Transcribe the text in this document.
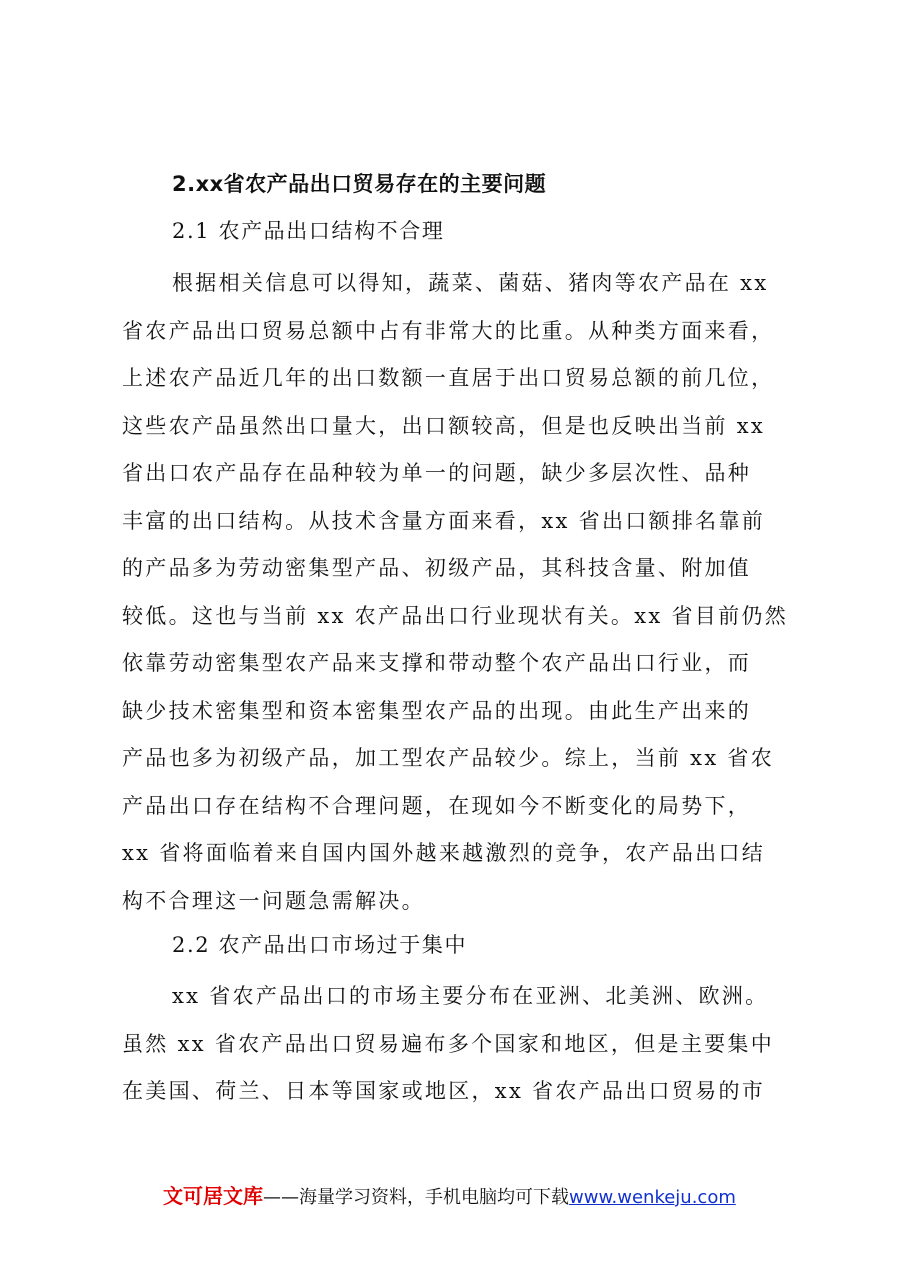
2.xx省农产品出口贸易存在的主要问题
2.1 农产品出口结构不合理
根据相关信息可以得知，蔬菜、菌菇、猪肉等农产品在 xx
省农产品出口贸易总额中占有非常大的比重。从种类方面来看，
上述农产品近几年的出口数额一直居于出口贸易总额的前几位，
这些农产品虽然出口量大，出口额较高，但是也反映出当前 xx
省出口农产品存在品种较为单一的问题，缺少多层次性、品种
丰富的出口结构。从技术含量方面来看，xx 省出口额排名靠前
的产品多为劳动密集型产品、初级产品，其科技含量、附加值
较低。这也与当前 xx 农产品出口行业现状有关。xx 省目前仍然
依靠劳动密集型农产品来支撑和带动整个农产品出口行业，而
缺少技术密集型和资本密集型农产品的出现。由此生产出来的
产品也多为初级产品，加工型农产品较少。综上，当前 xx 省农
产品出口存在结构不合理问题，在现如今不断变化的局势下，
xx 省将面临着来自国内国外越来越激烈的竞争，农产品出口结
构不合理这一问题急需解决。
2.2 农产品出口市场过于集中
xx 省农产品出口的市场主要分布在亚洲、北美洲、欧洲。
虽然 xx 省农产品出口贸易遍布多个国家和地区，但是主要集中
在美国、荷兰、日本等国家或地区，xx 省农产品出口贸易的市
文可居文库——海量学习资料，手机电脑均可下载www.wenkeju.com
